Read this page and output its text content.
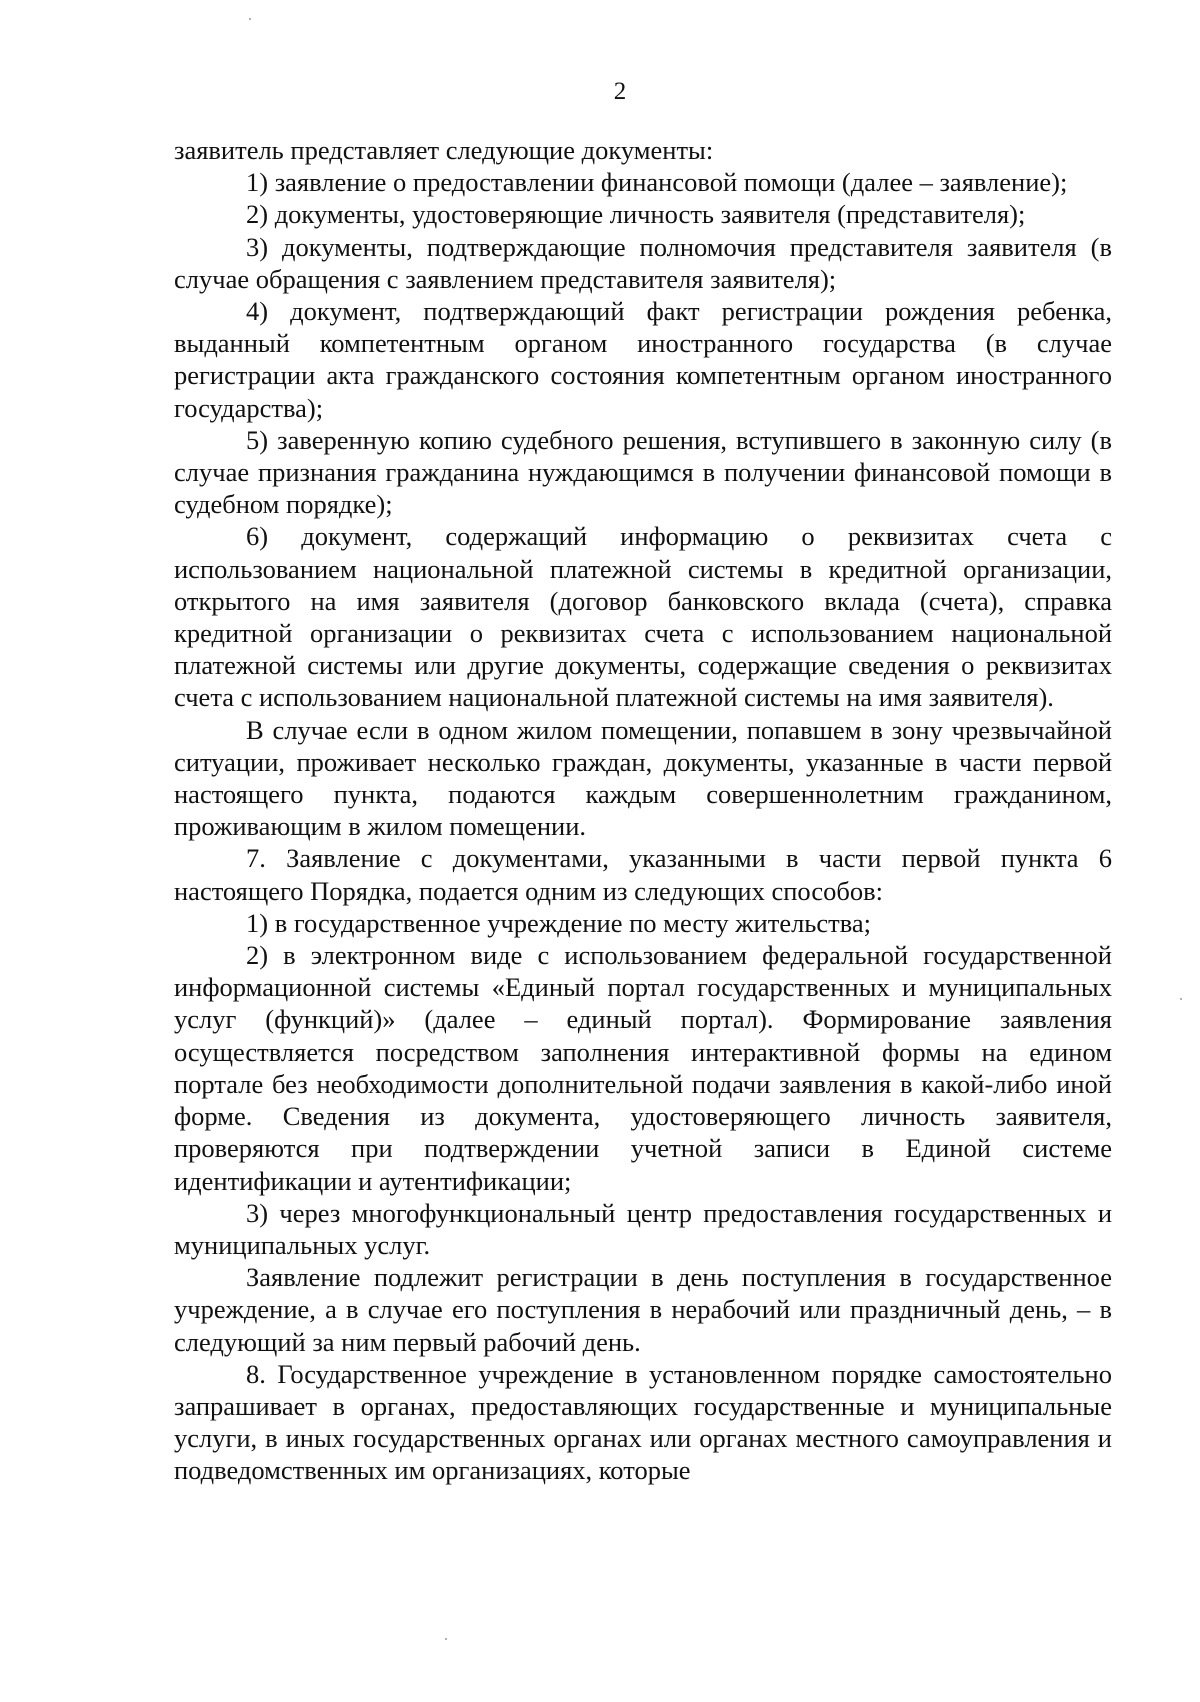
2

заявитель представляет следующие документы:

1) заявление о предоставлении финансовой помощи (далее – заявление);

2) документы, удостоверяющие личность заявителя (представителя);

3) документы, подтверждающие полномочия представителя заявителя (в случае обращения с заявлением представителя заявителя);

4) документ, подтверждающий факт регистрации рождения ребенка, выданный компетентным органом иностранного государства (в случае регистрации акта гражданского состояния компетентным органом иностранного государства);

5) заверенную копию судебного решения, вступившего в законную силу (в случае признания гражданина нуждающимся в получении финансовой помощи в судебном порядке);

6) документ, содержащий информацию о реквизитах счета с использованием национальной платежной системы в кредитной организации, открытого на имя заявителя (договор банковского вклада (счета), справка кредитной организации о реквизитах счета с использованием национальной платежной системы или другие документы, содержащие сведения о реквизитах счета с использованием национальной платежной системы на имя заявителя).

В случае если в одном жилом помещении, попавшем в зону чрезвычайной ситуации, проживает несколько граждан, документы, указанные в части первой настоящего пункта, подаются каждым совершеннолетним гражданином, проживающим в жилом помещении.

7. Заявление с документами, указанными в части первой пункта 6 настоящего Порядка, подается одним из следующих способов:

1) в государственное учреждение по месту жительства;

2) в электронном виде с использованием федеральной государственной информационной системы «Единый портал государственных и муниципальных услуг (функций)» (далее – единый портал). Формирование заявления осуществляется посредством заполнения интерактивной формы на едином портале без необходимости дополнительной подачи заявления в какой-либо иной форме. Сведения из документа, удостоверяющего личность заявителя, проверяются при подтверждении учетной записи в Единой системе идентификации и аутентификации;

3) через многофункциональный центр предоставления государственных и муниципальных услуг.

Заявление подлежит регистрации в день поступления в государственное учреждение, а в случае его поступления в нерабочий или праздничный день, – в следующий за ним первый рабочий день.

8. Государственное учреждение в установленном порядке самостоятельно запрашивает в органах, предоставляющих государственные и муниципальные услуги, в иных государственных органах или органах местного самоуправления и подведомственных им организациях, которые
